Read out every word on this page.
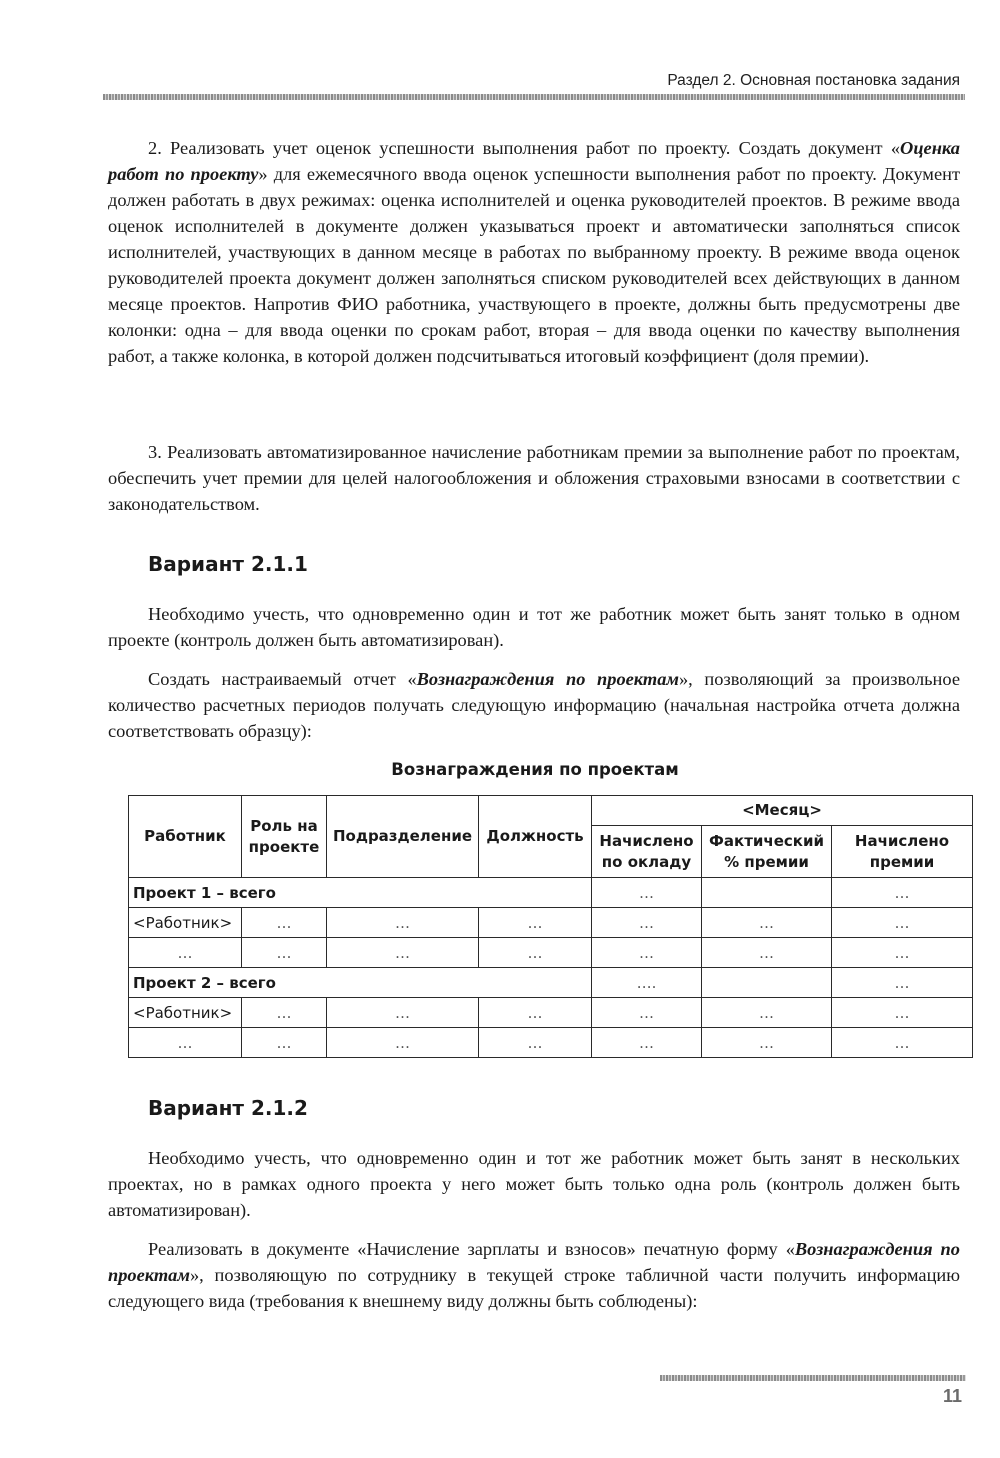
Раздел 2. Основная постановка задания

2. Реализовать учет оценок успешности выполнения работ по проекту. Создать документ «Оценка работ по проекту» для ежемесячного ввода оценок успешности выполнения работ по проекту. Документ должен работать в двух режимах: оценка исполнителей и оценка руководителей проектов. В режиме ввода оценок исполнителей в документе должен указываться проект и автоматически заполняться список исполнителей, участвующих в данном месяце в работах по выбранному проекту. В режиме ввода оценок руководителей проекта документ должен заполняться списком руководителей всех действующих в данном месяце проектов. Напротив ФИО работника, участвующего в проекте, должны быть предусмотрены две колонки: одна – для ввода оценки по срокам работ, вторая – для ввода оценки по качеству выполнения работ, а также колонка, в которой должен подсчитываться итоговый коэффициент (доля премии).

3. Реализовать автоматизированное начисление работникам премии за выполнение работ по проектам, обеспечить учет премии для целей налогообложения и обложения страховыми взносами в соответствии с законодательством.

Вариант 2.1.1

Необходимо учесть, что одновременно один и тот же работник может быть занят только в одном проекте (контроль должен быть автоматизирован).

Создать настраиваемый отчет «Вознаграждения по проектам», позволяющий за произвольное количество расчетных периодов получать следующую информацию (начальная настройка отчета должна соответствовать образцу):

Вознаграждения по проектам
Работник	Роль на проекте	Подразделение	Должность	<Месяц>		
				Начислено по окладу	Фактический % премии	Начислено премии
Проект 1 – всего				…		…
<Работник>	…	…	…	…	…	…
…	…	…	…	…	…	…
Проект 2 – всего				….		…
<Работник>	…	…	…	…	…	…
…	…	…	…	…	…	…
Вариант 2.1.2

Необходимо учесть, что одновременно один и тот же работник может быть занят в нескольких проектах, но в рамках одного проекта у него может быть только одна роль (контроль должен быть автоматизирован).

Реализовать в документе «Начисление зарплаты и взносов» печатную форму «Вознаграждения по проектам», позволяющую по сотруднику в текущей строке табличной части получить информацию следующего вида (требования к внешнему виду должны быть соблюдены):

11
